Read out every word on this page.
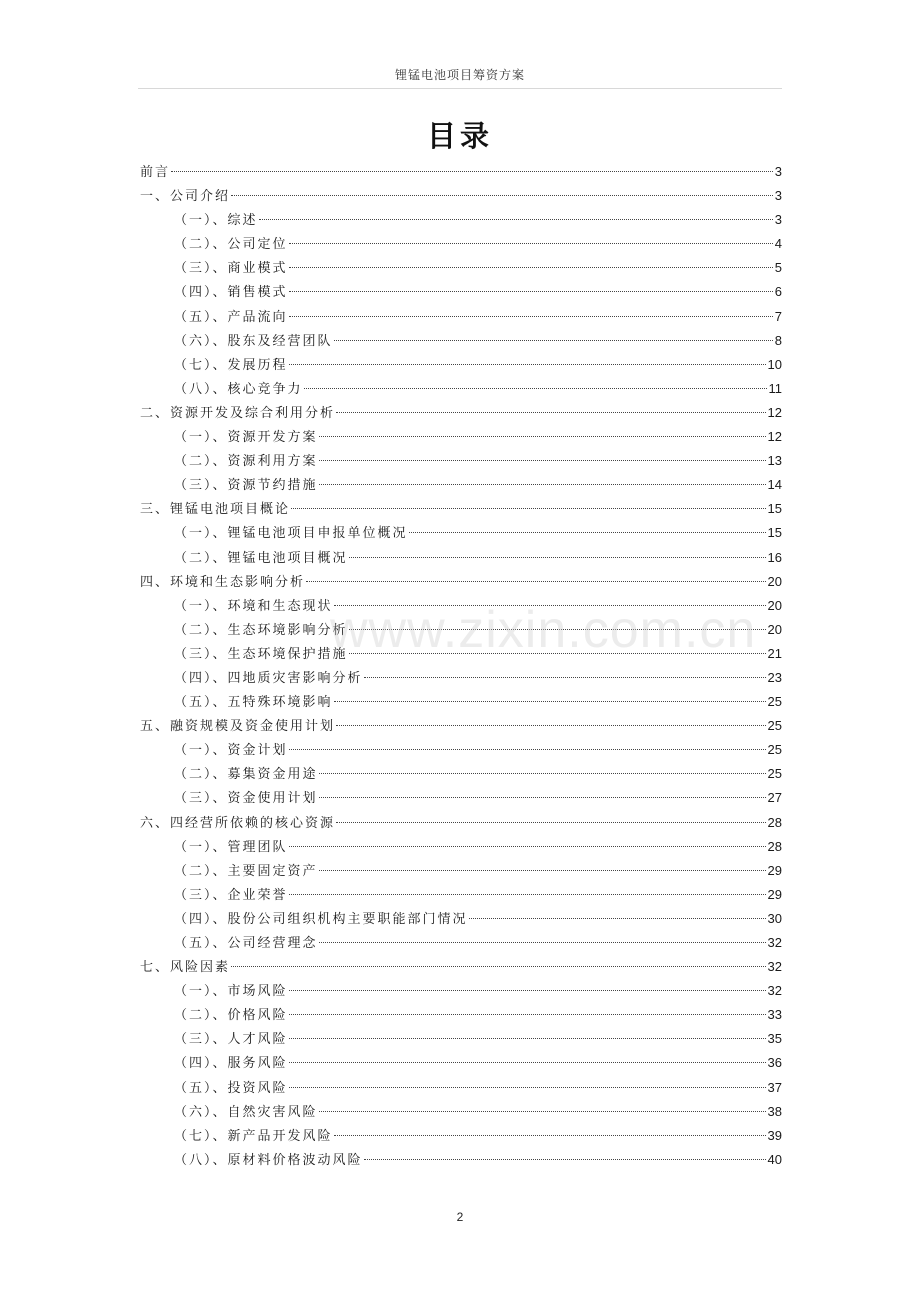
锂锰电池项目筹资方案
目录
前言	3
一、公司介绍	3
（一）、综述	3
（二）、公司定位	4
（三）、商业模式	5
（四）、销售模式	6
（五）、产品流向	7
（六）、股东及经营团队	8
（七）、发展历程	10
（八）、核心竞争力	11
二、资源开发及综合利用分析	12
（一）、资源开发方案	12
（二）、资源利用方案	13
（三）、资源节约措施	14
三、锂锰电池项目概论	15
（一）、锂锰电池项目申报单位概况	15
（二）、锂锰电池项目概况	16
四、环境和生态影响分析	20
（一）、环境和生态现状	20
（二）、生态环境影响分析	20
（三）、生态环境保护措施	21
（四）、四地质灾害影响分析	23
（五）、五特殊环境影响	25
五、融资规模及资金使用计划	25
（一）、资金计划	25
（二）、募集资金用途	25
（三）、资金使用计划	27
六、四经营所依赖的核心资源	28
（一）、管理团队	28
（二）、主要固定资产	29
（三）、企业荣誉	29
（四）、股份公司组织机构主要职能部门情况	30
（五）、公司经营理念	32
七、风险因素	32
（一）、市场风险	32
（二）、价格风险	33
（三）、人才风险	35
（四）、服务风险	36
（五）、投资风险	37
（六）、自然灾害风险	38
（七）、新产品开发风险	39
（八）、原材料价格波动风险	40
www.zixin.com.cn
2
